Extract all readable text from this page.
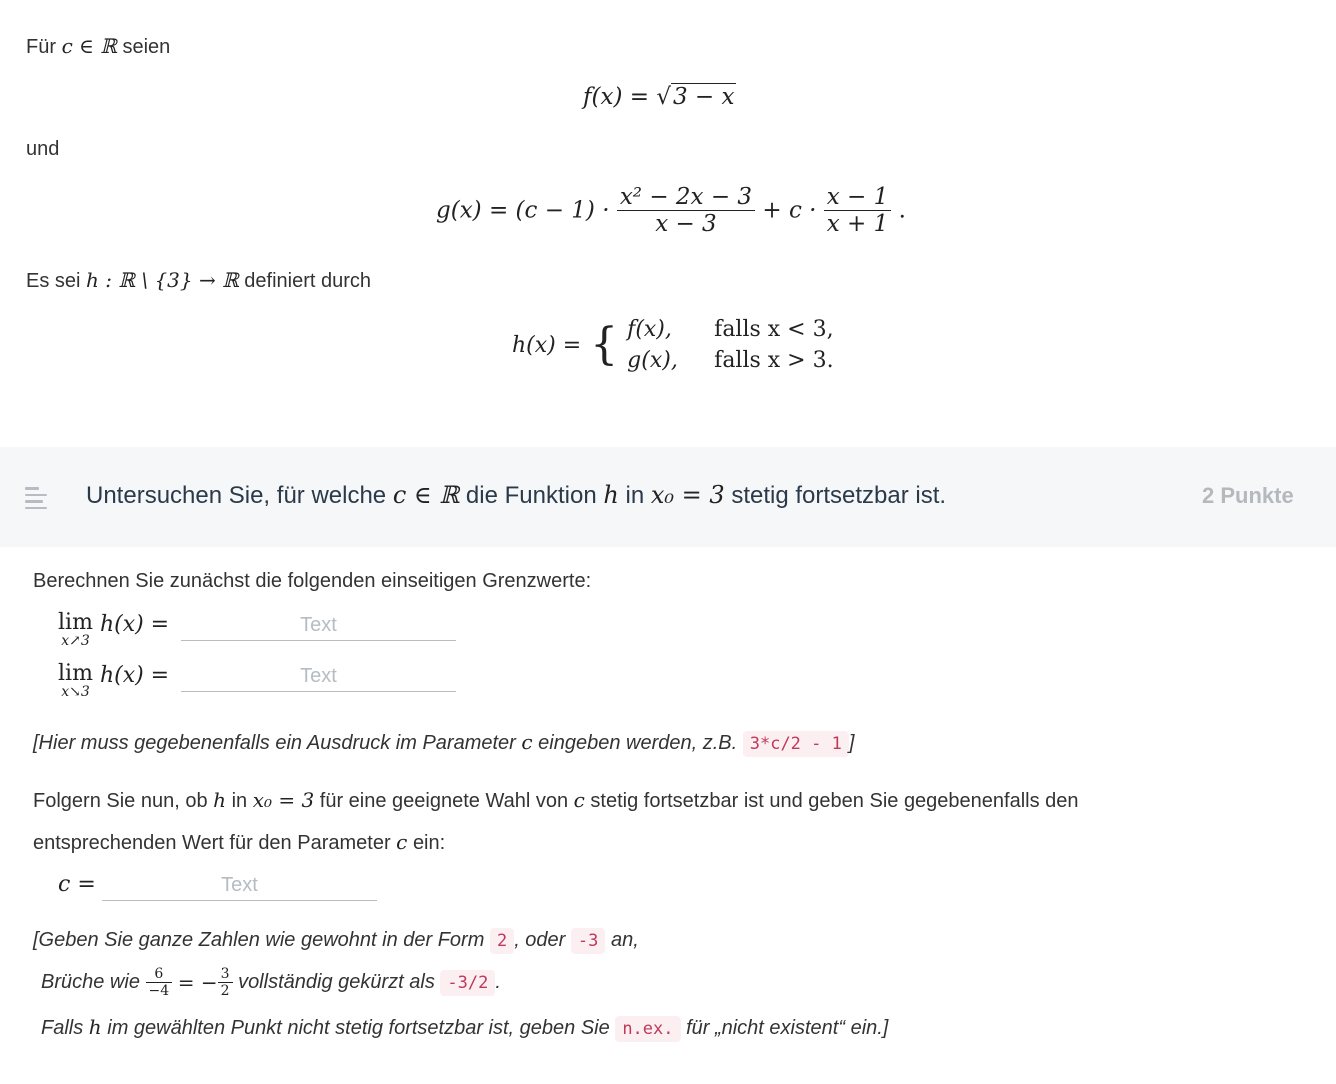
Für c ∈ ℝ seien
f(x) = √3 − x
und
$g(x) = (c - 1) \cdot \frac{\text{x² − 2x − 3}}{x - 3} + c \cdot \frac{x - 1}{x + 1}$ .
Es sei h : ℝ \ {3} → ℝ definiert durch
h(x) = { f(x), falls x < 3,
g(x), falls x > 3.
Untersuchen Sie, für welche c ∈ ℝ die Funktion h in x₀ = 3 stetig fortsetzbar ist.	2 Punkte
Berechnen Sie zunächst die folgenden einseitigen Grenzwerte:
lim
x↗3
h(x) =	Text
lim
x↘3
h(x) =	Text
[Hier muss gegebenenfalls ein Ausdruck im Parameter c eingeben werden, z.B. 3*c/2 - 1 ]
Folgern Sie nun, ob h in x₀ = 3 für eine geeignete Wahl von c stetig fortsetzbar ist und geben Sie gegebenenfalls den
entsprechenden Wert für den Parameter c ein:
c =	Text
[Geben Sie ganze Zahlen wie gewohnt in der Form 2 , oder -3 an,
Brüche wie $\frac{6}{-4}$ = − $\frac{3}{2}$ vollständig gekürzt als -3/2 .
Falls h im gewählten Punkt nicht stetig fortsetzbar ist, geben Sie n.ex. für „nicht existent“ ein.]
